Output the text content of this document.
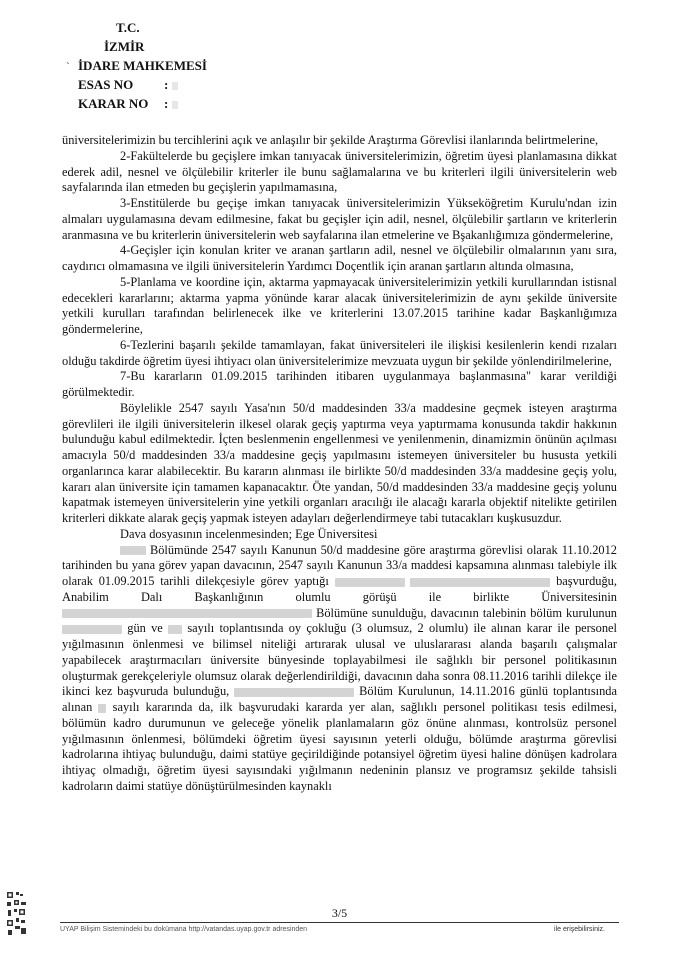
T.C.
İZMİR
İDARE MAHKEMESİ
`
ESAS NO :
KARAR NO :

üniversitelerimizin bu tercihlerini açık ve anlaşılır bir şekilde Araştırma Görevlisi ilanlarında belirtmelerine,

2-Fakültelerde bu geçişlere imkan tanıyacak üniversitelerimizin, öğretim üyesi planlamasına dikkat ederek adil, nesnel ve ölçülebilir kriterler ile bunu sağlamalarına ve bu kriterleri ilgili üniversitelerin web sayfalarında ilan etmeden bu geçişlerin yapılmamasına,

3-Enstitülerde bu geçişe imkan tanıyacak üniversitelerimizin Yükseköğretim Kurulu'ndan izin almaları uygulamasına devam edilmesine, fakat bu geçişler için adil, nesnel, ölçülebilir şartların ve kriterlerin aranmasına ve bu kriterlerin üniversitelerin web sayfalarına ilan etmelerine ve Bşakanlığımıza göndermelerine,

4-Geçişler için konulan kriter ve aranan şartların adil, nesnel ve ölçülebilir olmalarının yanı sıra, caydırıcı olmamasına ve ilgili üniversitelerin Yardımcı Doçentlik için aranan şartların altında olmasına,

5-Planlama ve koordine için, aktarma yapmayacak üniversitelerimizin yetkili kurullarından istisnal edecekleri kararlarını; aktarma yapma yönünde karar alacak üniversitelerimizin de aynı şekilde üniversite yetkili kurulları tarafından belirlenecek ilke ve kriterlerini 13.07.2015 tarihine kadar Başkanlığımıza göndermelerine,

6-Tezlerini başarılı şekilde tamamlayan, fakat üniversiteleri ile ilişkisi kesilenlerin kendi rızaları olduğu takdirde öğretim üyesi ihtiyacı olan üniversitelerimize mevzuata uygun bir şekilde yönlendirilmelerine,

7-Bu kararların 01.09.2015 tarihinden itibaren uygulanmaya başlanmasına" karar verildiği görülmektedir.

Böylelikle 2547 sayılı Yasa'nın 50/d maddesinden 33/a maddesine geçmek isteyen araştırma görevlileri ile ilgili üniversitelerin ilkesel olarak geçiş yaptırma veya yaptırmama konusunda takdir hakkının bulunduğu kabul edilmektedir. İçten beslenmenin engellenmesi ve yenilenmenin, dinamizmin önünün açılması amacıyla 50/d maddesinden 33/a maddesine geçiş yapılmasını istemeyen üniversiteler bu hususta yetkili organlarınca karar alabilecektir. Bu kararın alınması ile birlikte 50/d maddesinden 33/a maddesine geçiş yolu, kararı alan üniversite için tamamen kapanacaktır. Öte yandan, 50/d maddesinden 33/a maddesine geçiş yolunu kapatmak istemeyen üniversitelerin yine yetkili organları aracılığı ile alacağı kararla objektif nitelikte getirilen kriterleri dikkate alarak geçiş yapmak isteyen adayları değerlendirmeye tabi tutacakları kuşkusuzdur.

Dava dosyasının incelenmesinden; Ege Üniversitesi

Bölümünde 2547 sayılı Kanunun 50/d maddesine göre araştırma görevlisi olarak 11.10.2012 tarihinden bu yana görev yapan davacının, 2547 sayılı Kanunun 33/a maddesi kapsamına alınması talebiyle ilk olarak 01.09.2015 tarihli dilekçesiyle görev yaptığı	başvurduğu, Anabilim Dalı Başkanlığının olumlu görüşü ile birlikte	Üniversitesinin  Bölümüne sunulduğu, davacının talebinin bölüm kurulunun  gün ve sayılı toplantısında oy çokluğu (3 olumsuz, 2 olumlu) ile alınan karar ile personel yığılmasının önlenmesi ve bilimsel niteliği artırarak ulusal ve uluslararası alanda başarılı çalışmalar yapabilecek araştırmacıları üniversite bünyesinde toplayabilmesi ile sağlıklı bir personel politikasının oluşturmak gerekçeleriyle olumsuz olarak değerlendirildiği, davacının daha sonra 08.11.2016 tarihli dilekçe ile ikinci kez başvuruda bulunduğu,	Bölüm Kurulunun, 14.11.2016 günlü toplantısında alınan sayılı kararında da, ilk başvurudaki kararda yer alan, sağlıklı personel politikası tesis edilmesi, bölümün kadro durumunun ve geleceğe yönelik planlamaların göz önüne alınması, kontrolsüz personel yığılmasının önlenmesi, bölümdeki öğretim üyesi sayısının yeterli olduğu, bölümde araştırma görevlisi kadrolarına ihtiyaç bulunduğu, daimi statüye geçirildiğinde potansiyel öğretim üyesi haline dönüşen kadrolara ihtiyaç olmadığı, öğretim üyesi sayısındaki yığılmanın nedeninin plansız ve programsız şekilde tahsisli kadroların daimi statüye dönüştürülmesinden kaynaklı

3/5
UYAP Bilişim Sistemindeki bu dokümana http://vatandas.uyap.gov.tr adresinden	ile erişebilirsiniz.
